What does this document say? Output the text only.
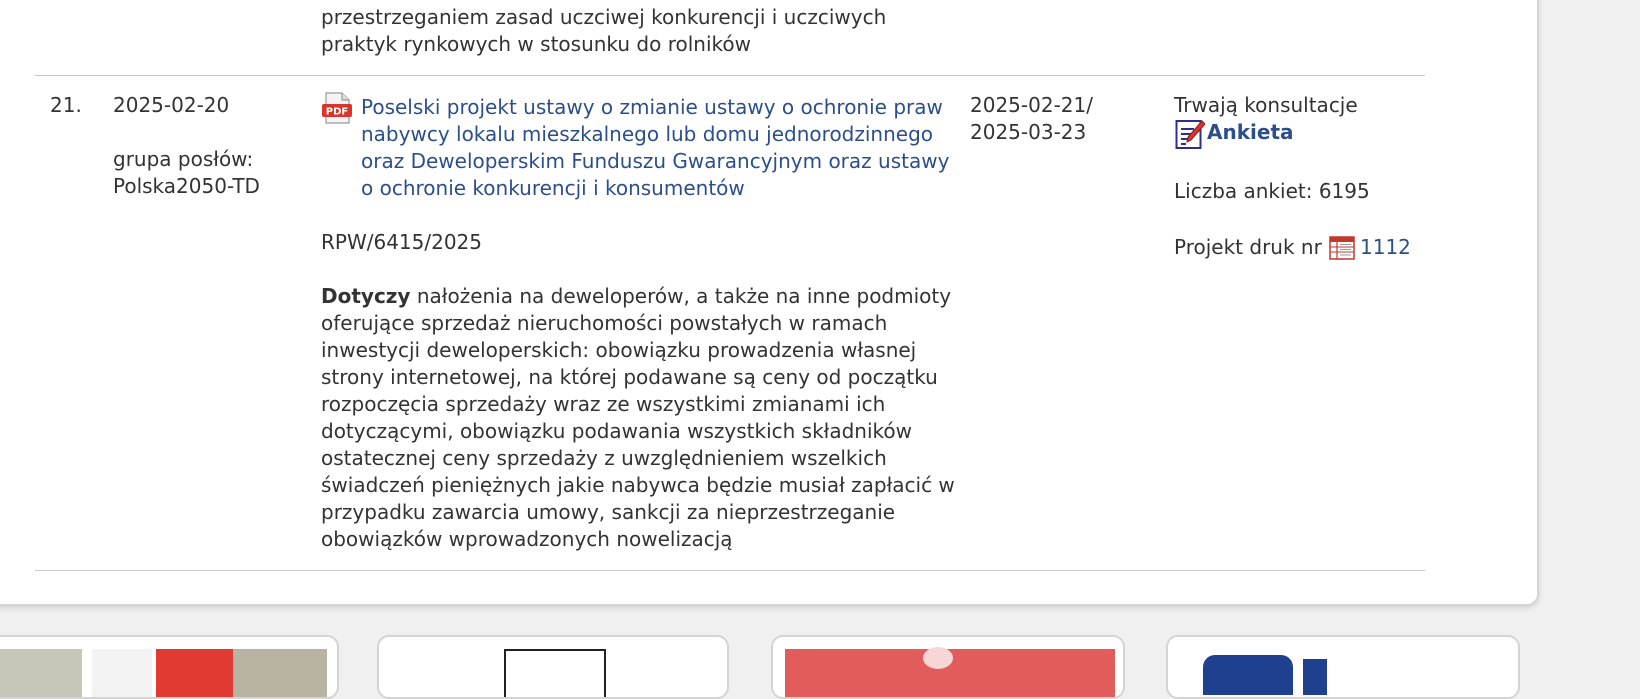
przestrzeganiem zasad uczciwej konkurencji i uczciwych
praktyk rynkowych w stosunku do rolników
21. 2025-02-20
grupa posłów:
Polska2050-TD
PDF Poselski projekt ustawy o zmianie ustawy o ochronie praw
nabywcy lokalu mieszkalnego lub domu jednorodzinnego
oraz Deweloperskim Funduszu Gwarancyjnym oraz ustawy
o ochronie konkurencji i konsumentów
RPW/6415/2025
Dotyczy nałożenia na deweloperów, a także na inne podmioty
oferujące sprzedaż nieruchomości powstałych w ramach
inwestycji deweloperskich: obowiązku prowadzenia własnej
strony internetowej, na której podawane są ceny od początku
rozpoczęcia sprzedaży wraz ze wszystkimi zmianami ich
dotyczącymi, obowiązku podawania wszystkich składników
ostatecznej ceny sprzedaży z uwzględnieniem wszelkich
świadczeń pieniężnych jakie nabywca będzie musiał zapłacić w
przypadku zawarcia umowy, sankcji za nieprzestrzeganie
obowiązków wprowadzonych nowelizacją
2025-02-21/
2025-03-23
Trwają konsultacje
Ankieta
Liczba ankiet: 6195
Projekt druk nr 1112
